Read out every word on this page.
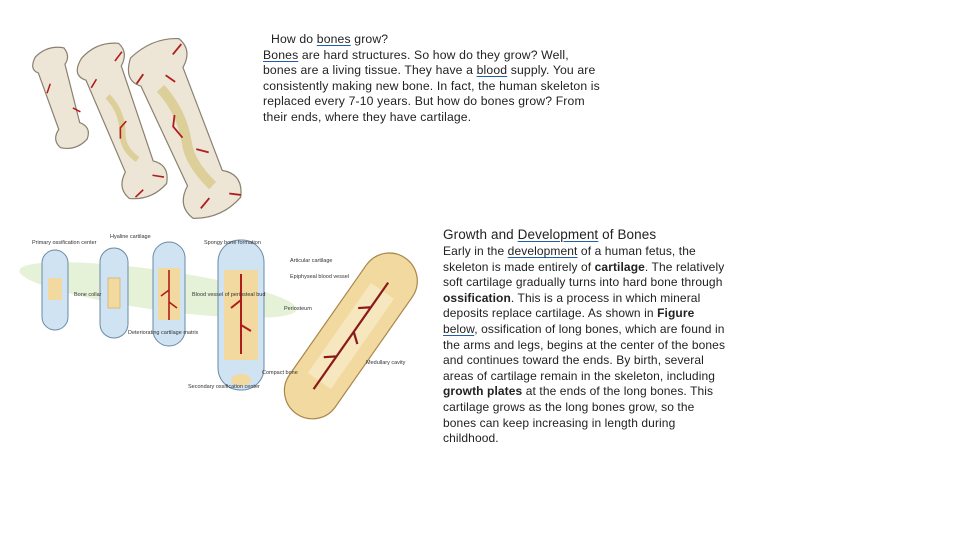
How do bones grow?
Bones are hard structures. So how do they grow? Well, bones are a living tissue. They have a blood supply. You are consistently making new bone. In fact, the human skeleton is replaced every 7-10 years. But how do bones grow? From their ends, where they have cartilage.
Primary ossification center
Hyaline cartilage
Spongy bone formation
Articular cartilage
Epiphyseal blood vessel
Bone collar	Blood vessel of periosteal bud
Periosteum
Deteriorating cartilage matrix
Medullary cavity
Compact bone
Secondary ossification center
Growth and Development of Bones
Early in the development of a human fetus, the skeleton is made entirely of cartilage. The relatively soft cartilage gradually turns into hard bone through ossification. This is a process in which mineral deposits replace cartilage. As shown in Figure below, ossification of long bones, which are found in the arms and legs, begins at the center of the bones and continues toward the ends. By birth, several areas of cartilage remain in the skeleton, including growth plates at the ends of the long bones. This cartilage grows as the long bones grow, so the bones can keep increasing in length during childhood.
